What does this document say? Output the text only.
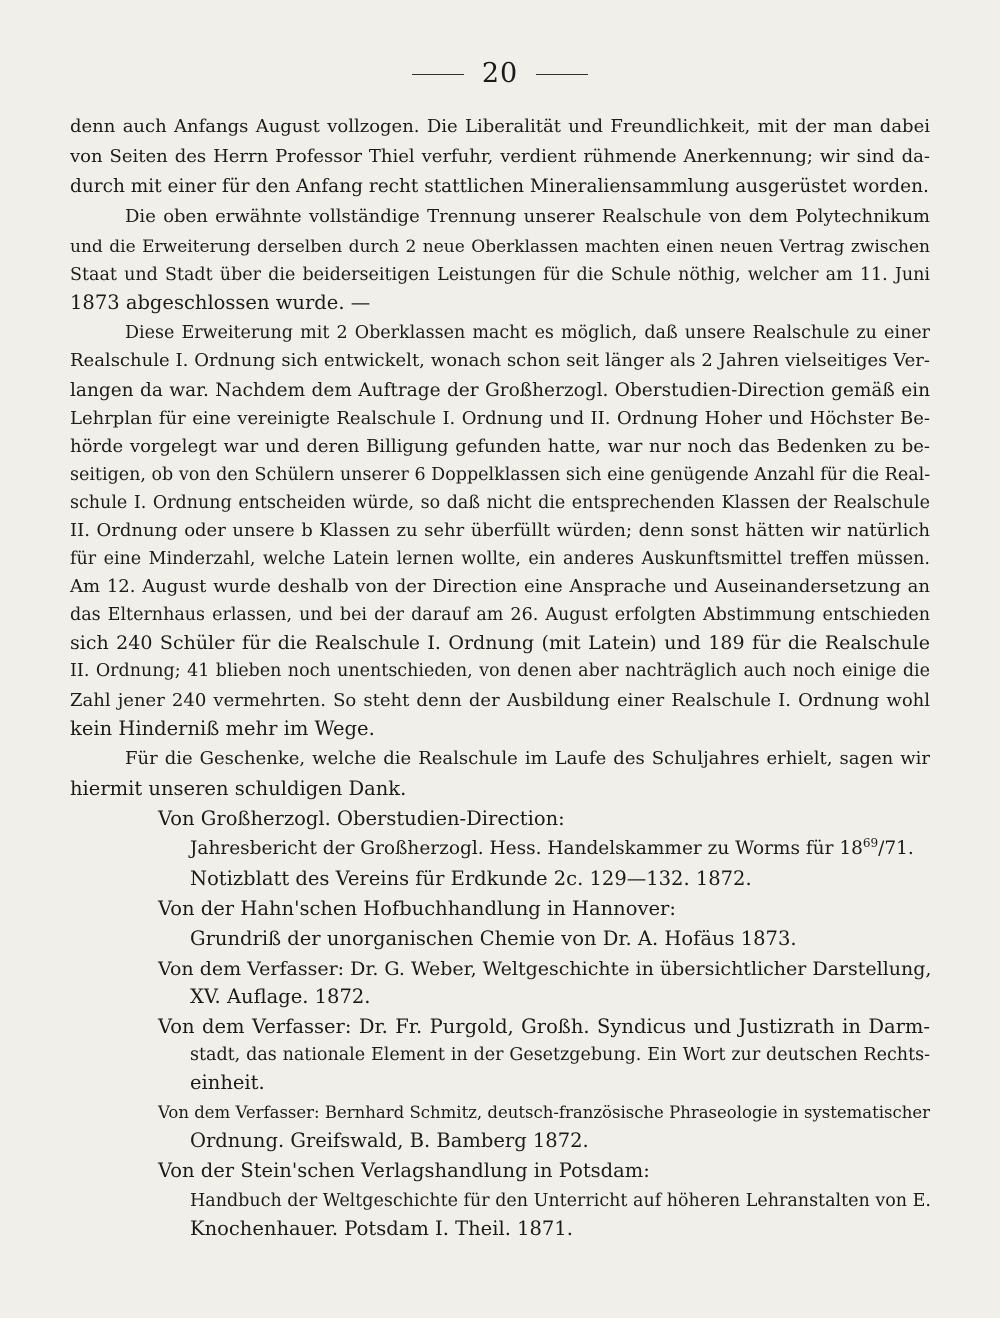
20
denn auch Anfangs August vollzogen. Die Liberalität und Freundlichkeit, mit der man dabei
von Seiten des Herrn Professor Thiel verfuhr, verdient rühmende Anerkennung; wir sind da-
durch mit einer für den Anfang recht stattlichen Mineraliensammlung ausgerüstet worden.
Die oben erwähnte vollständige Trennung unserer Realschule von dem Polytechnikum
und die Erweiterung derselben durch 2 neue Oberklassen machten einen neuen Vertrag zwischen
Staat und Stadt über die beiderseitigen Leistungen für die Schule nöthig, welcher am 11. Juni
1873 abgeschlossen wurde. —
Diese Erweiterung mit 2 Oberklassen macht es möglich, daß unsere Realschule zu einer
Realschule I. Ordnung sich entwickelt, wonach schon seit länger als 2 Jahren vielseitiges Ver-
langen da war. Nachdem dem Auftrage der Großherzogl. Oberstudien-Direction gemäß ein
Lehrplan für eine vereinigte Realschule I. Ordnung und II. Ordnung Hoher und Höchster Be-
hörde vorgelegt war und deren Billigung gefunden hatte, war nur noch das Bedenken zu be-
seitigen, ob von den Schülern unserer 6 Doppelklassen sich eine genügende Anzahl für die Real-
schule I. Ordnung entscheiden würde, so daß nicht die entsprechenden Klassen der Realschule
II. Ordnung oder unsere b Klassen zu sehr überfüllt würden; denn sonst hätten wir natürlich
für eine Minderzahl, welche Latein lernen wollte, ein anderes Auskunftsmittel treffen müssen.
Am 12. August wurde deshalb von der Direction eine Ansprache und Auseinandersetzung an
das Elternhaus erlassen, und bei der darauf am 26. August erfolgten Abstimmung entschieden
sich 240 Schüler für die Realschule I. Ordnung (mit Latein) und 189 für die Realschule
II. Ordnung; 41 blieben noch unentschieden, von denen aber nachträglich auch noch einige die
Zahl jener 240 vermehrten. So steht denn der Ausbildung einer Realschule I. Ordnung wohl
kein Hinderniß mehr im Wege.
Für die Geschenke, welche die Realschule im Laufe des Schuljahres erhielt, sagen wir
hiermit unseren schuldigen Dank.
Von Großherzogl. Oberstudien-Direction:
Jahresbericht der Großherzogl. Hess. Handelskammer zu Worms für $18^{69}/71$.
Notizblatt des Vereins für Erdkunde 2c. 129—132. 1872.
Von der Hahn'schen Hofbuchhandlung in Hannover:
Grundriß der unorganischen Chemie von Dr. A. Hofäus 1873.
Von dem Verfasser: Dr. G. Weber, Weltgeschichte in übersichtlicher Darstellung,
XV. Auflage. 1872.
Von dem Verfasser: Dr. Fr. Purgold, Großh. Syndicus und Justizrath in Darm-
stadt, das nationale Element in der Gesetzgebung. Ein Wort zur deutschen Rechts-
einheit.
Von dem Verfasser: Bernhard Schmitz, deutsch-französische Phraseologie in systematischer
Ordnung. Greifswald, B. Bamberg 1872.
Von der Stein'schen Verlagshandlung in Potsdam:
Handbuch der Weltgeschichte für den Unterricht auf höheren Lehranstalten von E.
Knochenhauer. Potsdam I. Theil. 1871.
